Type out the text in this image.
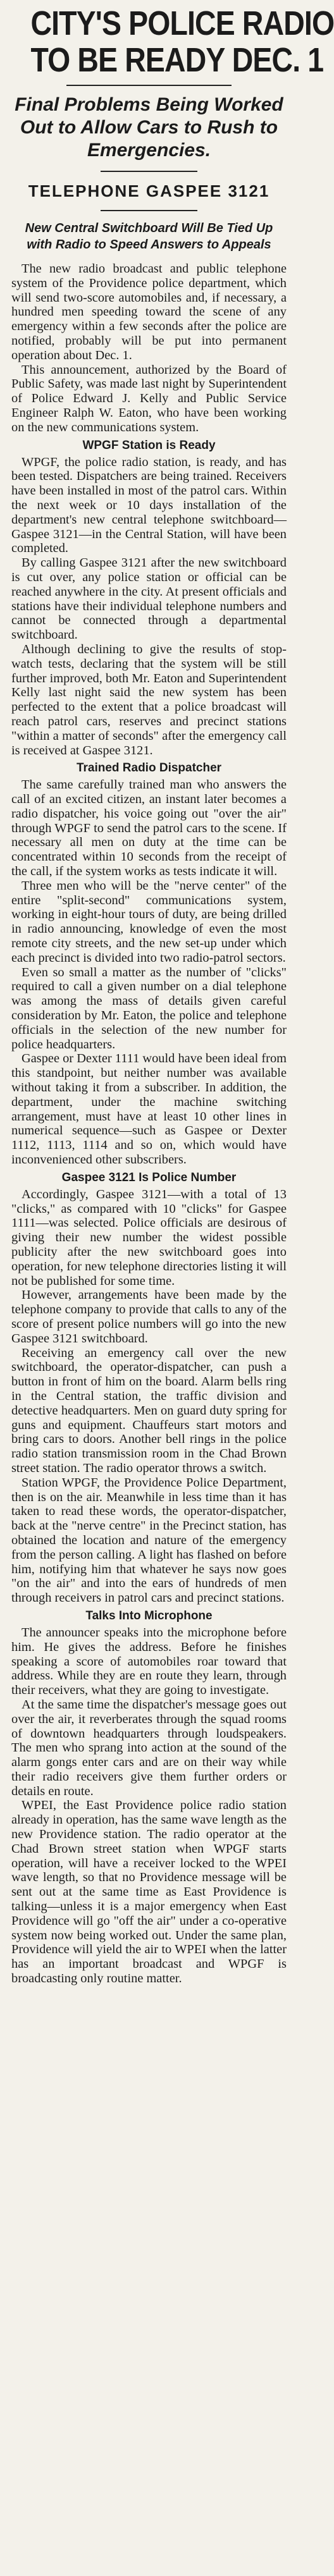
CITY'S POLICE RADIO
TO BE READY DEC. 1
Final Problems Being Worked Out to Allow Cars to Rush to Emergencies.
TELEPHONE GASPEE 3121
New Central Switchboard Will Be Tied Up with Radio to Speed Answers to Appeals

The new radio broadcast and public telephone system of the Providence police department, which will send two-score automobiles and, if necessary, a hundred men speeding toward the scene of any emergency within a few seconds after the police are notified, probably will be put into permanent operation about Dec. 1.

This announcement, authorized by the Board of Public Safety, was made last night by Superintendent of Police Edward J. Kelly and Public Service Engineer Ralph W. Eaton, who have been working on the new communications system.

WPGF Station is Ready

WPGF, the police radio station, is ready, and has been tested. Dispatchers are being trained. Receivers have been installed in most of the patrol cars. Within the next week or 10 days installation of the department's new central telephone switchboard—Gaspee 3121—in the Central Station, will have been completed.

By calling Gaspee 3121 after the new switchboard is cut over, any police station or official can be reached anywhere in the city. At present officials and stations have their individual telephone numbers and cannot be connected through a departmental switchboard.

Although declining to give the results of stop-watch tests, declaring that the system will be still further improved, both Mr. Eaton and Superintendent Kelly last night said the new system has been perfected to the extent that a police broadcast will reach patrol cars, reserves and precinct stations "within a matter of seconds" after the emergency call is received at Gaspee 3121.

Trained Radio Dispatcher

The same carefully trained man who answers the call of an excited citizen, an instant later becomes a radio dispatcher, his voice going out "over the air" through WPGF to send the patrol cars to the scene. If necessary all men on duty at the time can be concentrated within 10 seconds from the receipt of the call, if the system works as tests indicate it will.

Three men who will be the "nerve center" of the entire "split-second" communications system, working in eight-hour tours of duty, are being drilled in radio announcing, knowledge of even the most remote city streets, and the new set-up under which each precinct is divided into two radio-patrol sectors.

Even so small a matter as the number of "clicks" required to call a given number on a dial telephone was among the mass of details given careful consideration by Mr. Eaton, the police and telephone officials in the selection of the new number for police headquarters.

Gaspee or Dexter 1111 would have been ideal from this standpoint, but neither number was available without taking it from a subscriber. In addition, the department, under the machine switching arrangement, must have at least 10 other lines in numerical sequence—such as Gaspee or Dexter 1112, 1113, 1114 and so on, which would have inconvenienced other subscribers.

Gaspee 3121 Is Police Number

Accordingly, Gaspee 3121—with a total of 13 "clicks," as compared with 10 "clicks" for Gaspee 1111—was selected. Police officials are desirous of giving their new number the widest possible publicity after the new switchboard goes into operation, for new telephone directories listing it will not be published for some time.

However, arrangements have been made by the telephone company to provide that calls to any of the score of present police numbers will go into the new Gaspee 3121 switchboard.

Receiving an emergency call over the new switchboard, the operator-dispatcher, can push a button in front of him on the board. Alarm bells ring in the Central station, the traffic division and detective headquarters. Men on guard duty spring for guns and equipment. Chauffeurs start motors and bring cars to doors. Another bell rings in the police radio station transmission room in the Chad Brown street station. The radio operator throws a switch.

Station WPGF, the Providence Police Department, then is on the air. Meanwhile in less time than it has taken to read these words, the operator-dispatcher, back at the "nerve centre" in the Precinct station, has obtained the location and nature of the emergency from the person calling. A light has flashed on before him, notifying him that whatever he says now goes "on the air" and into the ears of hundreds of men through receivers in patrol cars and precinct stations.

Talks Into Microphone

The announcer speaks into the microphone before him. He gives the address. Before he finishes speaking a score of automobiles roar toward that address. While they are en route they learn, through their receivers, what they are going to investigate.

At the same time the dispatcher's message goes out over the air, it reverberates through the squad rooms of downtown headquarters through loudspeakers. The men who sprang into action at the sound of the alarm gongs enter cars and are on their way while their radio receivers give them further orders or details en route.

WPEI, the East Providence police radio station already in operation, has the same wave length as the new Providence station. The radio operator at the Chad Brown street station when WPGF starts operation, will have a receiver locked to the WPEI wave length, so that no Providence message will be sent out at the same time as East Providence is talking—unless it is a major emergency when East Providence will go "off the air" under a co-operative system now being worked out. Under the same plan, Providence will yield the air to WPEI when the latter has an important broadcast and WPGF is broadcasting only routine matter.
